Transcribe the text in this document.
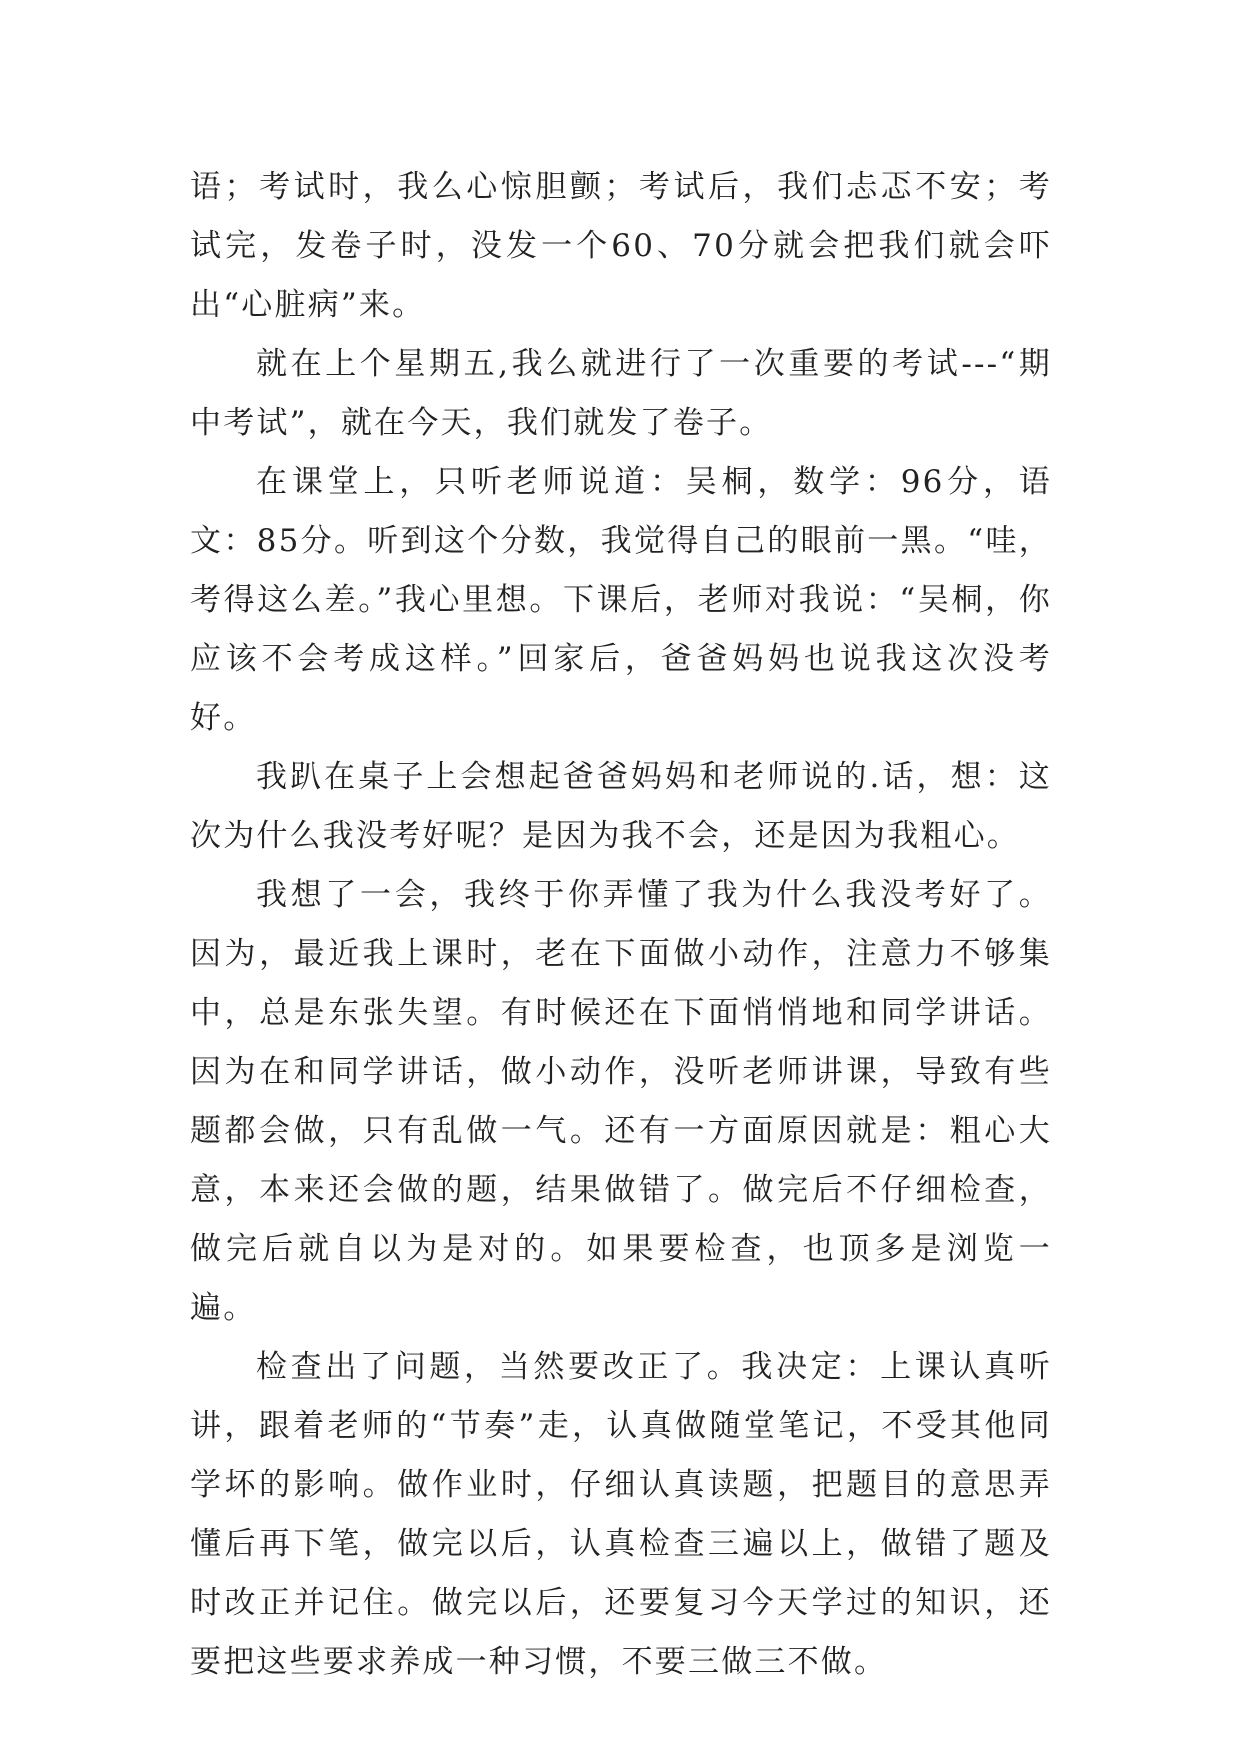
语；考试时，我么心惊胆颤；考试后，我们忐忑不安；考试完，发卷子时，没发一个60、70分就会把我们就会吓出“心脏病”来。

就在上个星期五,我么就进行了一次重要的考试---“期中考试”，就在今天，我们就发了卷子。

在课堂上，只听老师说道：吴桐，数学：96分，语文：85分。听到这个分数，我觉得自己的眼前一黑。“哇，考得这么差。”我心里想。下课后，老师对我说：“吴桐，你应该不会考成这样。”回家后，爸爸妈妈也说我这次没考好。

我趴在桌子上会想起爸爸妈妈和老师说的.话，想：这次为什么我没考好呢？是因为我不会，还是因为我粗心。

我想了一会，我终于你弄懂了我为什么我没考好了。因为，最近我上课时，老在下面做小动作，注意力不够集中，总是东张失望。有时候还在下面悄悄地和同学讲话。因为在和同学讲话，做小动作，没听老师讲课，导致有些题都会做，只有乱做一气。还有一方面原因就是：粗心大意，本来还会做的题，结果做错了。做完后不仔细检查，做完后就自以为是对的。如果要检查，也顶多是浏览一遍。

检查出了问题，当然要改正了。我决定：上课认真听讲，跟着老师的“节奏”走，认真做随堂笔记，不受其他同学坏的影响。做作业时，仔细认真读题，把题目的意思弄懂后再下笔，做完以后，认真检查三遍以上，做错了题及时改正并记住。做完以后，还要复习今天学过的知识，还要把这些要求养成一种习惯，不要三做三不做。
